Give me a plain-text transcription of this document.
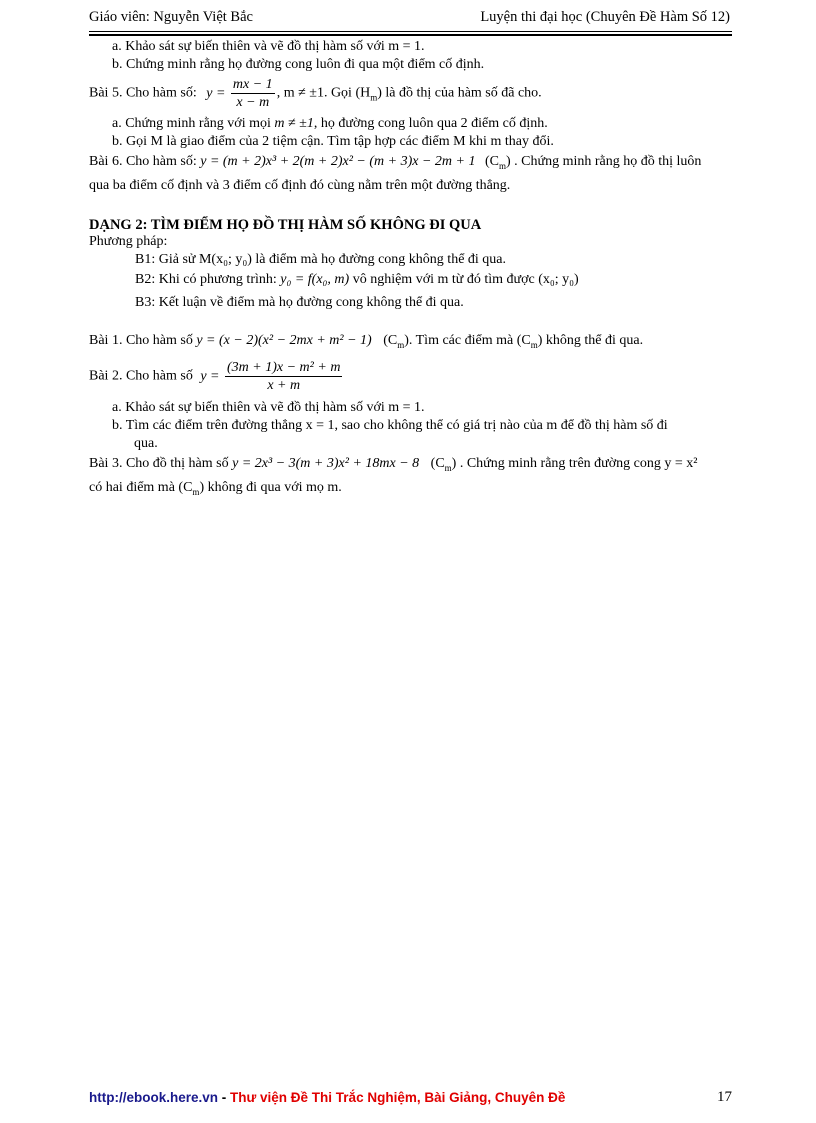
Giáo viên: Nguyễn Việt Bắc	Luyện thi đại học (Chuyên Đề Hàm Số 12)
a. Khảo sát sự biến thiên và vẽ đồ thị hàm số với m = 1.
b. Chứng minh rằng họ đường cong luôn đi qua một điểm cố định.
Bài 5. Cho hàm số: $y = \frac{mx - 1}{x - m}$ , m ≠ ±1. Gọi $(H_m)$ là đồ thị của hàm số đã cho.
a. Chứng minh rằng với mọi m ≠ ±1, họ đường cong luôn qua 2 điểm cố định.
b. Gọi M là giao điểm của 2 tiệm cận. Tìm tập hợp các điểm M khi m thay đổi.
Bài 6. Cho hàm số: y = (m + 2)x³ + 2(m + 2)x² − (m + 3)x − 2m + 1 $(C_m)$ . Chứng minh rằng họ đồ thị luôn
qua ba điểm cố định và 3 điểm cố định đó cùng nằm trên một đường thẳng.
DẠNG 2: TÌM ĐIỂM HỌ ĐỒ THỊ HÀM SỐ KHÔNG ĐI QUA
Phương pháp:
B1: Giả sử M(x₀; y₀) là điểm mà họ đường cong không thể đi qua.
B2: Khi có phương trình: y₀ = f(x₀, m) vô nghiệm với m từ đó tìm được (x₀; y₀)
B3: Kết luận về điểm mà họ đường cong không thể đi qua.
Bài 1. Cho hàm số y = (x − 2)(x² − 2mx + m² − 1) $(C_m)$. Tìm các điểm mà $(C_m)$ không thể đi qua.
Bài 2. Cho hàm số $y = \frac{\text{(3m + 1)x − m² + m}}{x + m}$
a. Khảo sát sự biến thiên và vẽ đồ thị hàm số với m = 1.
b. Tìm các điểm trên đường thẳng x = 1, sao cho không thể có giá trị nào của m để đồ thị hàm số đi
qua.
Bài 3. Cho đồ thị hàm số y = 2x³ − 3(m + 3)x² + 18mx − 8 $(C_m)$ . Chứng minh rằng trên đường cong y = x²
có hai điểm mà $(C_m)$ không đi qua với mọ m.
http://ebook.here.vn - Thư viện Đề Thi Trắc Nghiệm, Bài Giảng, Chuyên Đề	17
